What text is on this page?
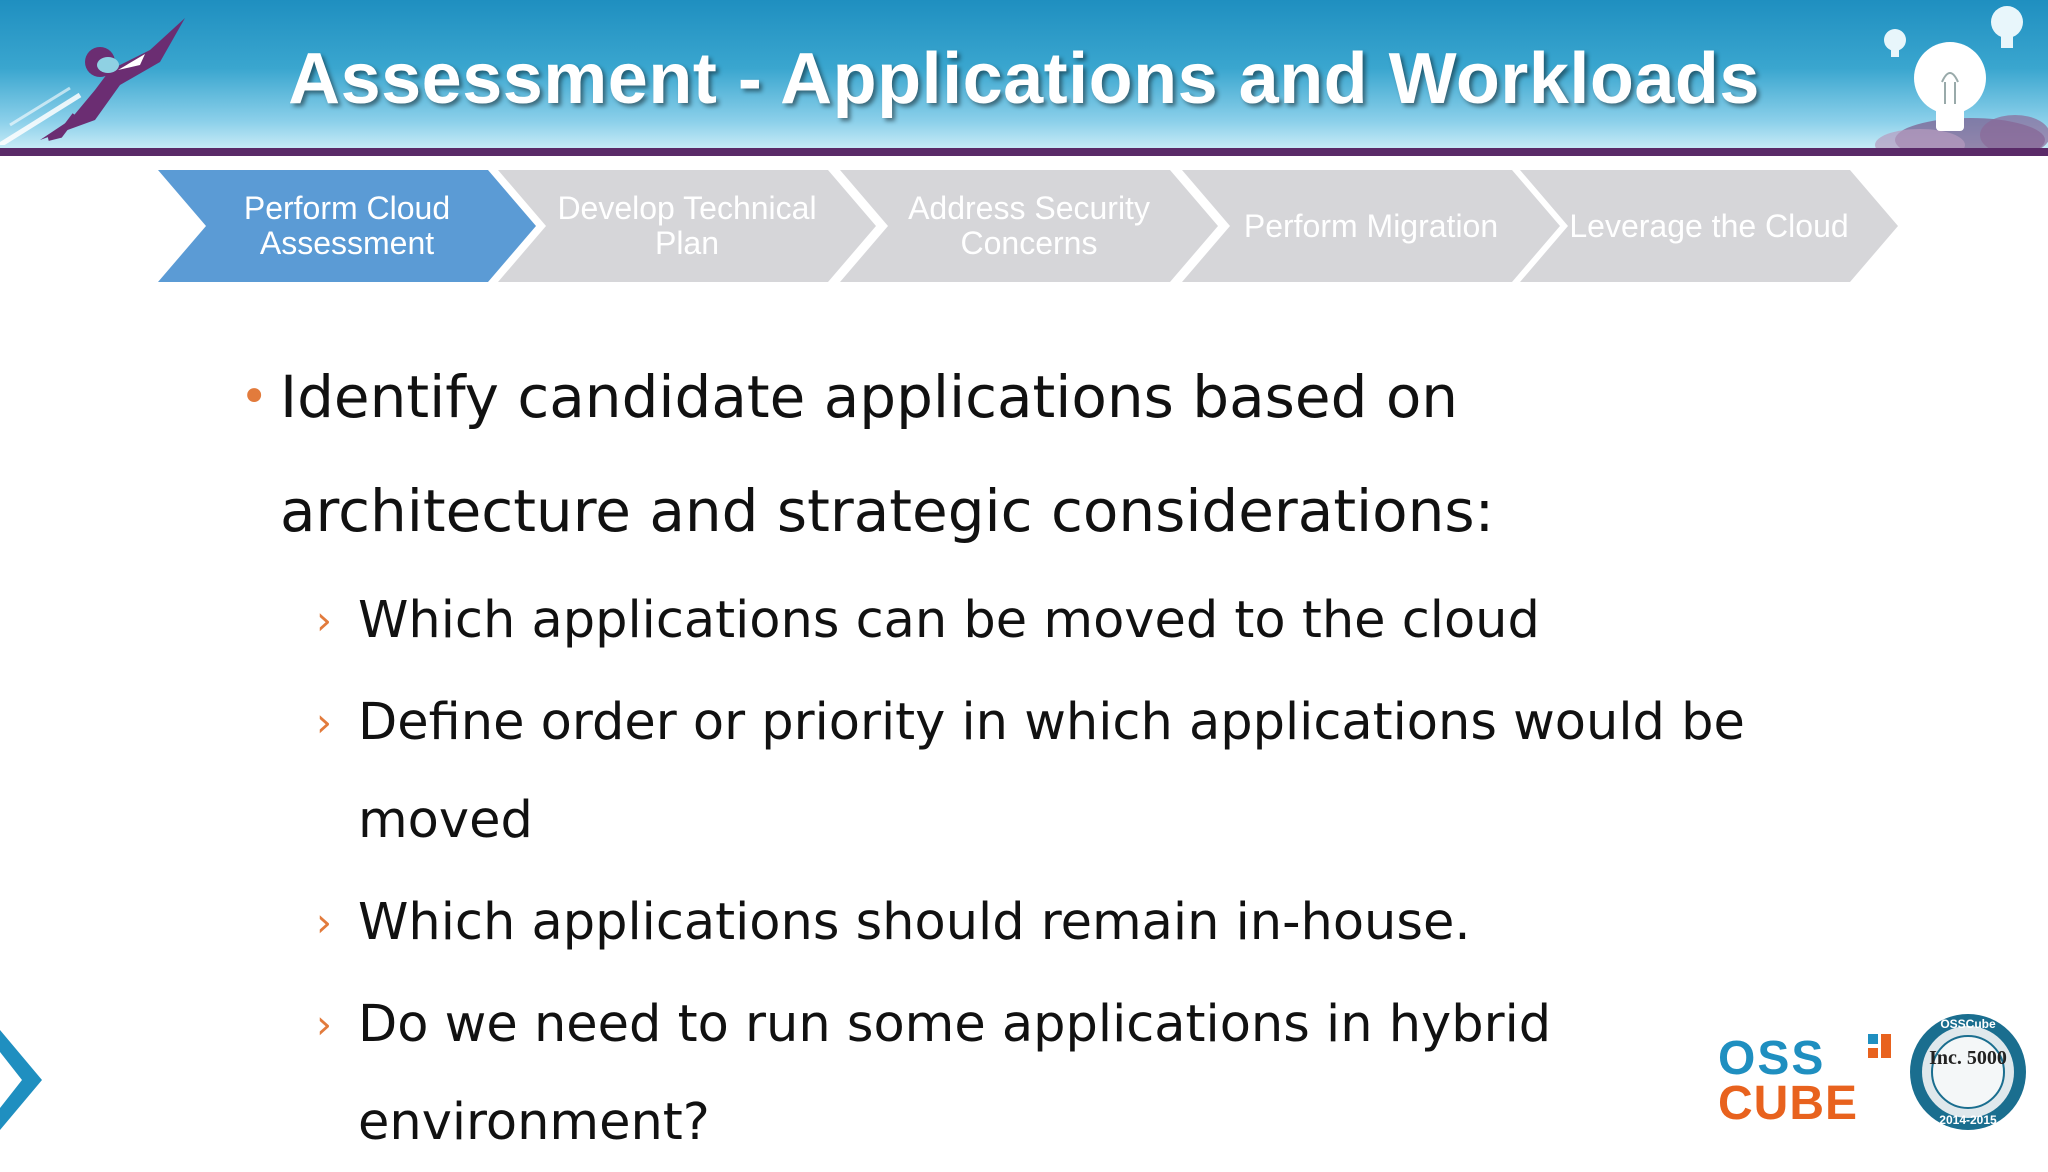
Assessment - Applications and Workloads
Perform Cloud Assessment
Develop Technical Plan
Address Security Concerns	Perform Migration	Leverage the Cloud
• Identify candidate applications based on architecture and strategic considerations:
› Which applications can be moved to the cloud
› Define order or priority in which applications would be moved
› Which applications should remain in-house.
› Do we need to run some applications in hybrid environment?
OSS
CUBE
Inc. 5000
OSSCube
2014-2015
